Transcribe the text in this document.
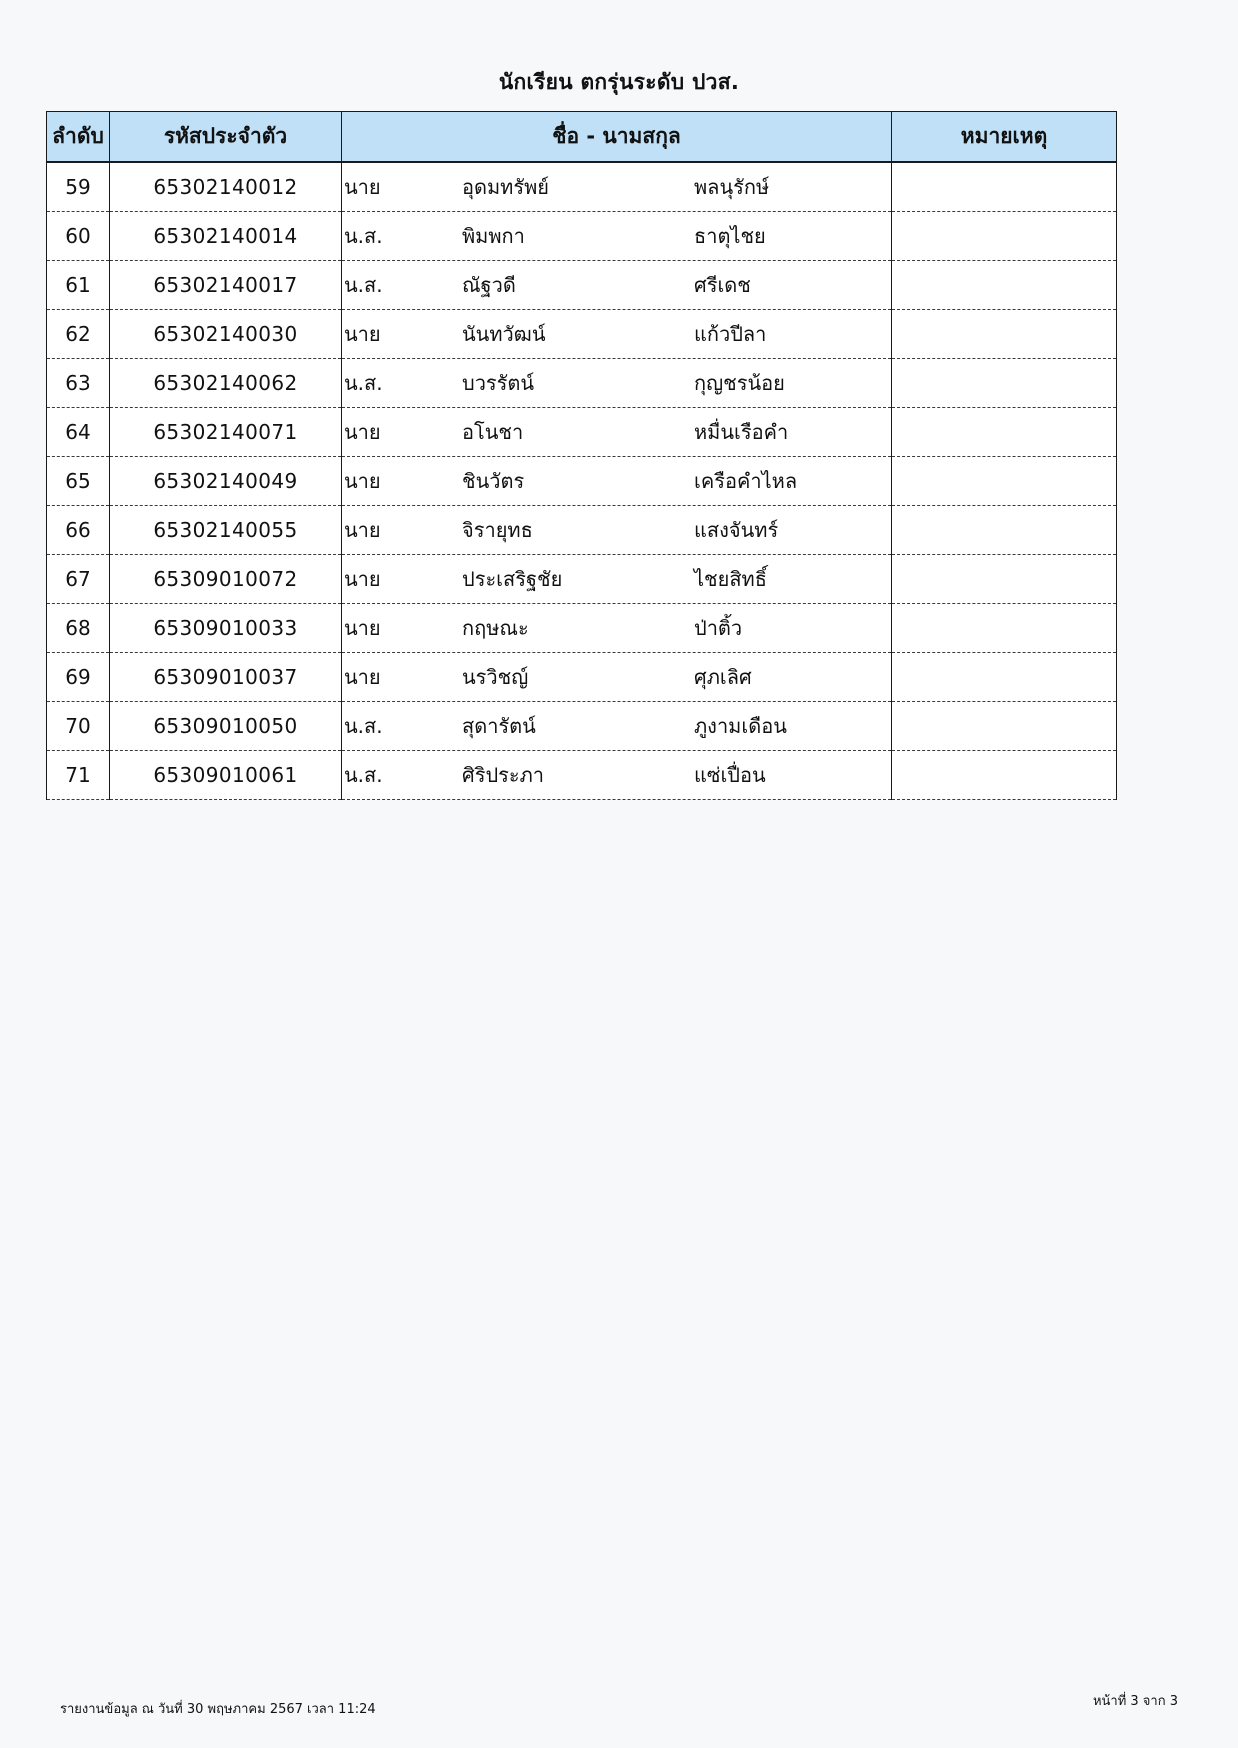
นักเรียน ตกรุ่นระดับ ปวส.
ลำดับ	รหัสประจำตัว	ชื่อ - นามสกุล	หมายเหตุ
59	65302140012	นาย อุดมทรัพย์ พลนุรักษ์	

60	65302140014	น.ส. พิมพกา ธาตุไชย	

61	65302140017	น.ส. ณัฐวดี ศรีเดช	

62	65302140030	นาย นันทวัฒน์ แก้วปีลา	

63	65302140062	น.ส. บวรรัตน์ กุญชรน้อย	

64	65302140071	นาย อโนชา หมื่นเรือคำ	

65	65302140049	นาย ชินวัตร เครือคำไหล	

66	65302140055	นาย จิรายุทธ แสงจันทร์	

67	65309010072	นาย ประเสริฐชัย ไชยสิทธิ์	

68	65309010033	นาย กฤษณะ ป่าติ้ว	

69	65309010037	นาย นรวิชญ์ ศุภเลิศ	

70	65309010050	น.ส. สุดารัตน์ ภูงามเดือน	

71	65309010061	น.ส. ศิริประภา แซ่เปื่อน	

รายงานข้อมูล ณ วันที่ 30 พฤษภาคม 2567 เวลา 11:24
หน้าที่ 3 จาก 3
